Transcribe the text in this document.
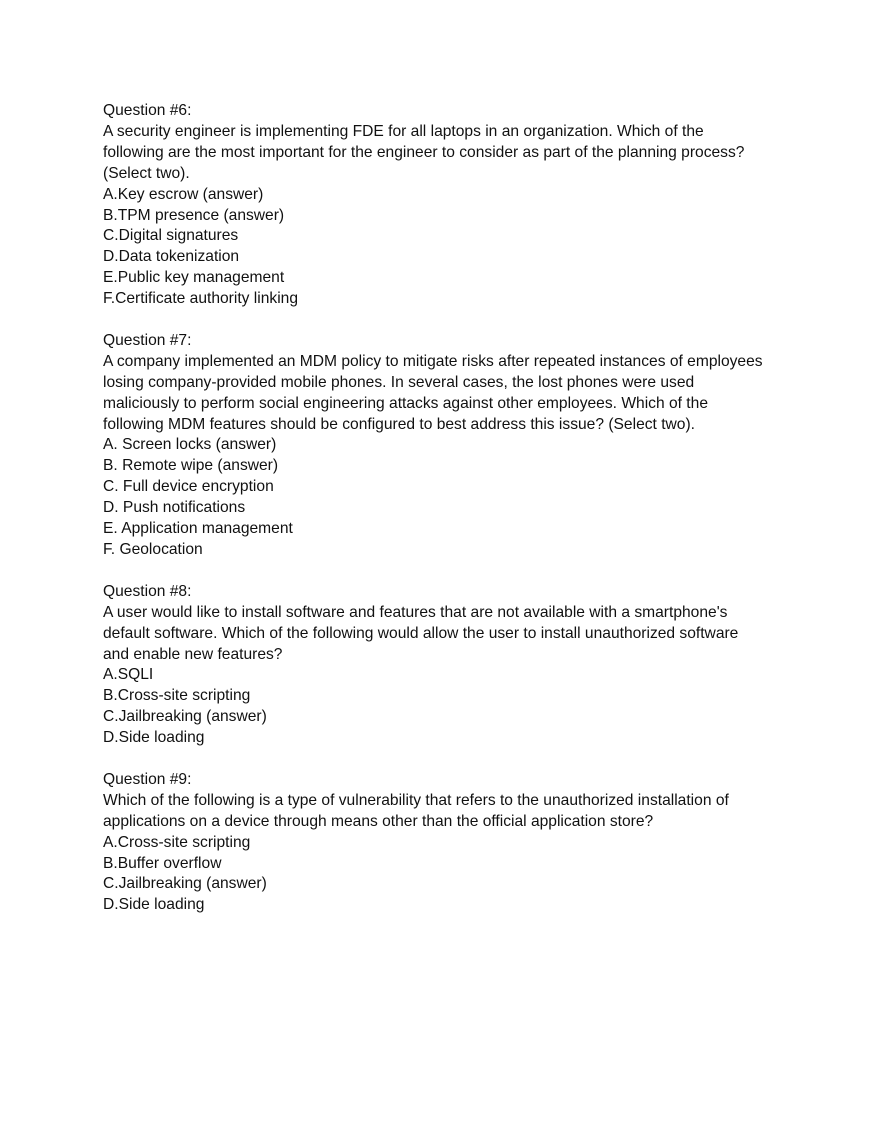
Question #6:
A security engineer is implementing FDE for all laptops in an organization. Which of the
following are the most important for the engineer to consider as part of the planning process?
(Select two).
A.Key escrow (answer)
B.TPM presence (answer)
C.Digital signatures
D.Data tokenization
E.Public key management
F.Certificate authority linking
Question #7:
A company implemented an MDM policy to mitigate risks after repeated instances of employees
losing company-provided mobile phones. In several cases, the lost phones were used
maliciously to perform social engineering attacks against other employees. Which of the
following MDM features should be configured to best address this issue? (Select two).
A. Screen locks (answer)
B. Remote wipe (answer)
C. Full device encryption
D. Push notifications
E. Application management
F. Geolocation
Question #8:
A user would like to install software and features that are not available with a smartphone's
default software. Which of the following would allow the user to install unauthorized software
and enable new features?
A.SQLI
B.Cross-site scripting
C.Jailbreaking (answer)
D.Side loading
Question #9:
Which of the following is a type of vulnerability that refers to the unauthorized installation of
applications on a device through means other than the official application store?
A.Cross-site scripting
B.Buffer overflow
C.Jailbreaking (answer)
D.Side loading
